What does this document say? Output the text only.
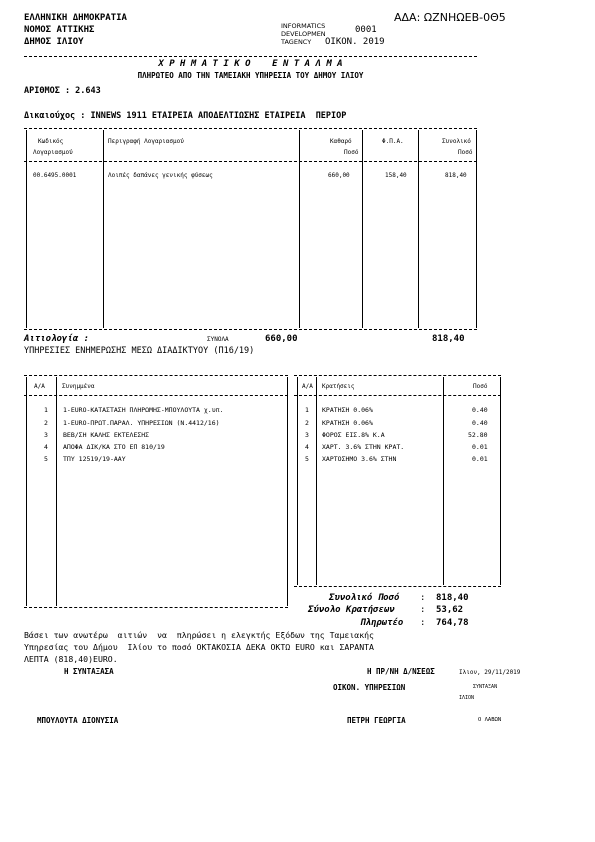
ΕΛΛΗΝΙΚΗ ΔΗΜΟΚΡΑΤΙΑ
ΝΟΜΟΣ ΑΤΤΙΚΗΣ
ΔΗΜΟΣ ΙΛΙΟΥ
ΑΔΑ: ΩΖΝΗΩΕΒ-0Θ5
INFORMATICS DEVELOPMEN TAGENCY
0001
ΟΙΚΟΝ. 2019
Χ Ρ Η Μ Α Τ Ι Κ Ο    Ε Ν Τ Α Λ Μ Α
ΠΛΗΡΩΤΕΟ ΑΠΟ ΤΗΝ ΤΑΜΕΙΑΚΗ ΥΠΗΡΕΣΙΑ ΤΟΥ ΔΗΜΟΥ ΙΛΙΟΥ
ΑΡΙΘΜΟΣ : 2.643
Δικαιούχος : INNEWS 1911 ΕΤΑΙΡΕΙΑ ΑΠΟΔΕΛΤΙΩΣΗΣ ΕΤΑΙΡΕΙΑ  ΠΕΡΙΟΡ
Κωδικός
Λογαριασμού
Περιγραφή Λογαριασμού	Καθαρό
Ποσό
Φ.Π.Α.	Συνολικό
Ποσό
00.6495.0001	Λοιπές δαπάνες γενικής φύσεως	660,00	158,40	818,40
Αιτιολογία :	ΣΥΝΟΛΑ	660,00	818,40
ΥΠΗΡΕΣΙΕΣ ΕΝΗΜΕΡΩΣΗΣ ΜΕΣΩ ΔΙΑΔΙΚΤΥΟΥ (Π16/19)
Α/Α	Συνημμένα
1 1-EURO-ΚΑΤΑΣΤΑΣΗ ΠΛΗΡΩΜΗΣ-ΜΠΟΥΛΟΥΤΑ χ.υπ.
2 1-EURO-ΠΡΩΤ.ΠΑΡΑΛ. ΥΠΗΡΕΣΙΩΝ (Ν.4412/16)
3 ΒΕΒ/ΣΗ ΚΑΛΗΣ ΕΚΤΕΛΕΣΗΣ
4 ΑΠΟΦΑ ΔΙΚ/ΚΑ ΣΤΟ ΕΠ 810/19
5 ΤΠΥ 12519/19-ΑΑΥ
Α/Α Κρατήσεις	Ποσό
1 ΚΡΑΤΗΣΗ 0.06%	0.40
2 ΚΡΑΤΗΣΗ 0.06%	0.40
3 ΦΟΡΟΣ ΕΙΣ.8% Κ.Α	52.80
4 ΧΑΡΤ. 3.6% ΣΤΗΝ ΚΡΑΤ.	0.01
5 ΧΑΡΤΟΣΗΜΟ 3.6% ΣΤΗΝ	0.01
Συνολικό Ποσό : 818,40
Σύνολο Κρατήσεων	: 53,62
Πληρωτέο : 764,78
Βάσει των ανωτέρω  αιτιών  να  πληρώσει η ελεγκτής Εξόδων της Ταμειακής
Υπηρεσίας του Δήμου  Ιλίου το ποσό ΟΚΤΑΚΟΣΙΑ ΔΕΚΑ ΟΚΤΩ EURO και ΣΑΡΑΝΤΑ
ΛΕΠΤΑ (818,40)EURO.
Η ΣΥΝΤΑΞΑΣΑ	Η ΠΡ/ΝΗ Δ/ΝΣΕΩΣ	Ιλιον, 29/11/2019
ΟΙΚΟΝ. ΥΠΗΡΕΣΙΩΝ	ΣΥΝΤΑΞΑΝ
ΙΛΙΟΝ
ΜΠΟΥΛΟΥΤΑ ΔΙΟΝΥΣΙΑ	ΠΕΤΡΗ ΓΕΩΡΓΙΑ	Ο ΛΑΒΩΝ
